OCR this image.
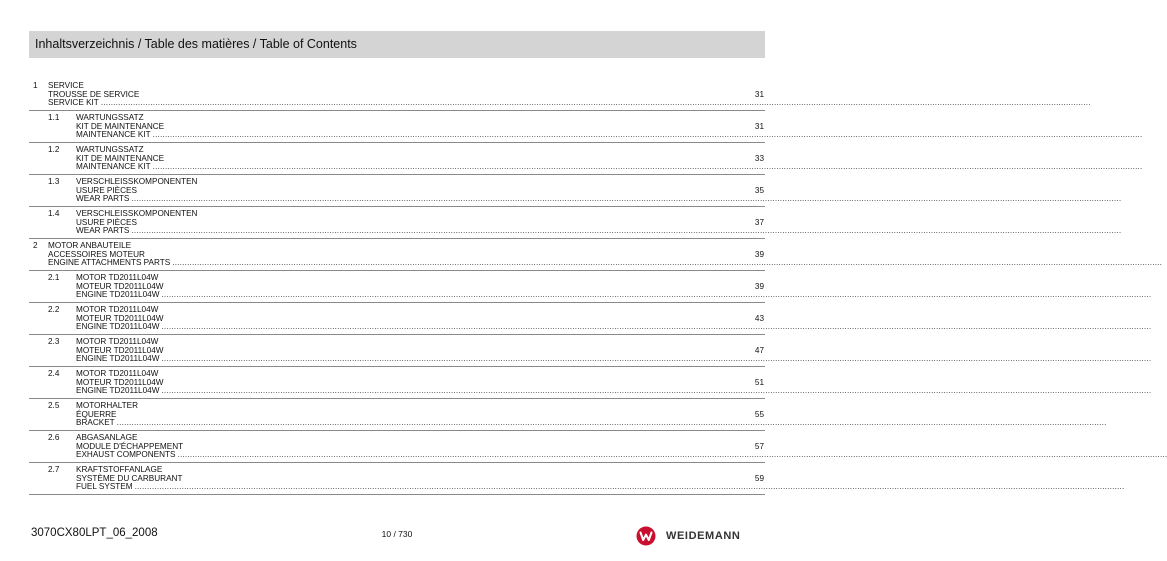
Inhaltsverzeichnis / Table des matières / Table of Contents
1 SERVICE
TROUSSE DE SERVICE
SERVICE KIT ................................................................................................................................................................................................................................................................................................................................................................................................................
31
1.1 WARTUNGSSATZ
KIT DE MAINTENANCE
MAINTENANCE KIT ................................................................................................................................................................................................................................................................................................................................................................................................................
31
1.2 WARTUNGSSATZ
KIT DE MAINTENANCE
MAINTENANCE KIT ................................................................................................................................................................................................................................................................................................................................................................................................................
33
1.3 VERSCHLEISSKOMPONENTEN
USURE PIÈCES
WEAR PARTS ................................................................................................................................................................................................................................................................................................................................................................................................................
35
1.4 VERSCHLEISSKOMPONENTEN
USURE PIÈCES
WEAR PARTS ................................................................................................................................................................................................................................................................................................................................................................................................................
37
2 MOTOR ANBAUTEILE
ACCESSOIRES MOTEUR
ENGINE ATTACHMENTS PARTS ................................................................................................................................................................................................................................................................................................................................................................................................................
39
2.1 MOTOR TD2011L04W
MOTEUR TD2011L04W
ENGINE TD2011L04W ................................................................................................................................................................................................................................................................................................................................................................................................................
39
2.2 MOTOR TD2011L04W
MOTEUR TD2011L04W
ENGINE TD2011L04W ................................................................................................................................................................................................................................................................................................................................................................................................................
43
2.3 MOTOR TD2011L04W
MOTEUR TD2011L04W
ENGINE TD2011L04W ................................................................................................................................................................................................................................................................................................................................................................................................................
47
2.4 MOTOR TD2011L04W
MOTEUR TD2011L04W
ENGINE TD2011L04W ................................................................................................................................................................................................................................................................................................................................................................................................................
51
2.5 MOTORHALTER
ÉQUERRE
BRACKET ................................................................................................................................................................................................................................................................................................................................................................................................................
55
2.6 ABGASANLAGE
MODULE D'ÉCHAPPEMENT
EXHAUST COMPONENTS ................................................................................................................................................................................................................................................................................................................................................................................................................
57
2.7 KRAFTSTOFFANLAGE
SYSTÈME DU CARBURANT
FUEL SYSTEM ................................................................................................................................................................................................................................................................................................................................................................................................................
59
3070CX80LPT_06_2008	10 / 730	WEIDEMANN
